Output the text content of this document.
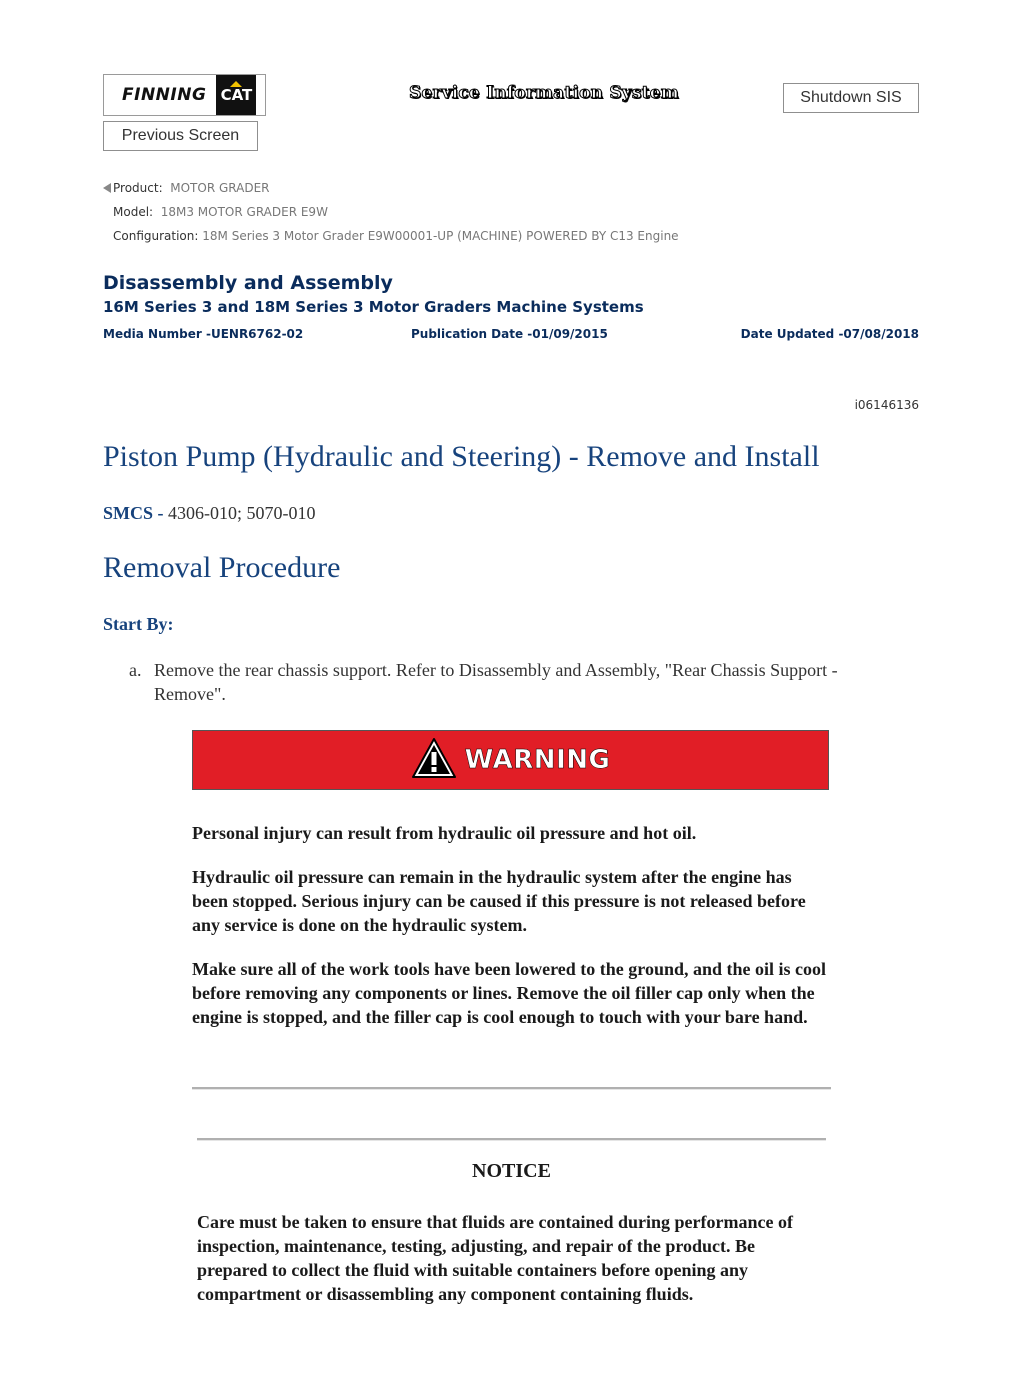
FINNING CAT	Service Information System	Shutdown SIS
Previous Screen
Product: MOTOR GRADER
Model: 18M3 MOTOR GRADER E9W
Configuration: 18M Series 3 Motor Grader E9W00001-UP (MACHINE) POWERED BY C13 Engine
Disassembly and Assembly
16M Series 3 and 18M Series 3 Motor Graders Machine Systems
Media Number -UENR6762-02	Publication Date -01/09/2015	Date Updated -07/08/2018
i06146136
Piston Pump (Hydraulic and Steering) - Remove and Install
SMCS - 4306-010; 5070-010
Removal Procedure
Start By:
a. Remove the rear chassis support. Refer to Disassembly and Assembly, "Rear Chassis Support - Remove".
WARNING
Personal injury can result from hydraulic oil pressure and hot oil.
Hydraulic oil pressure can remain in the hydraulic system after the engine has been stopped. Serious injury can be caused if this pressure is not released before any service is done on the hydraulic system.
Make sure all of the work tools have been lowered to the ground, and the oil is cool before removing any components or lines. Remove the oil filler cap only when the engine is stopped, and the filler cap is cool enough to touch with your bare hand.
NOTICE
Care must be taken to ensure that fluids are contained during performance of inspection, maintenance, testing, adjusting, and repair of the product. Be prepared to collect the fluid with suitable containers before opening any compartment or disassembling any component containing fluids.
